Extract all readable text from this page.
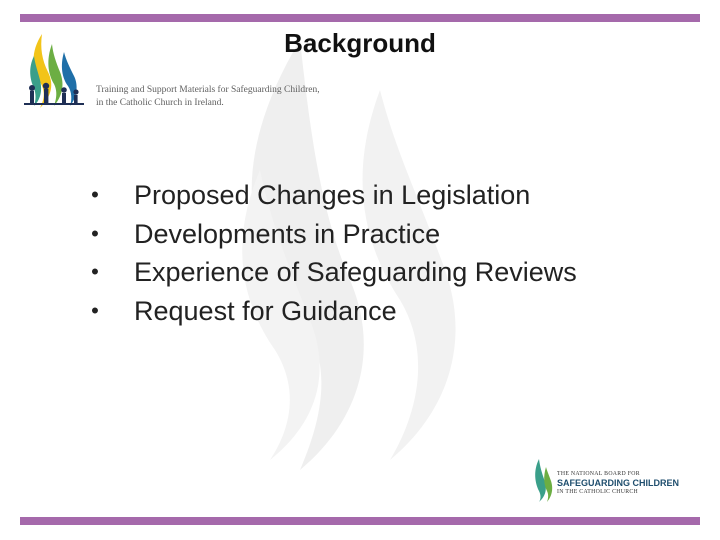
Background
Training and Support Materials for Safeguarding Children,
in the Catholic Church in Ireland.
• Proposed Changes in Legislation
• Developments in Practice
• Experience of Safeguarding Reviews
• Request for Guidance
THE NATIONAL BOARD FOR
SAFEGUARDING CHILDREN
IN THE CATHOLIC CHURCH
